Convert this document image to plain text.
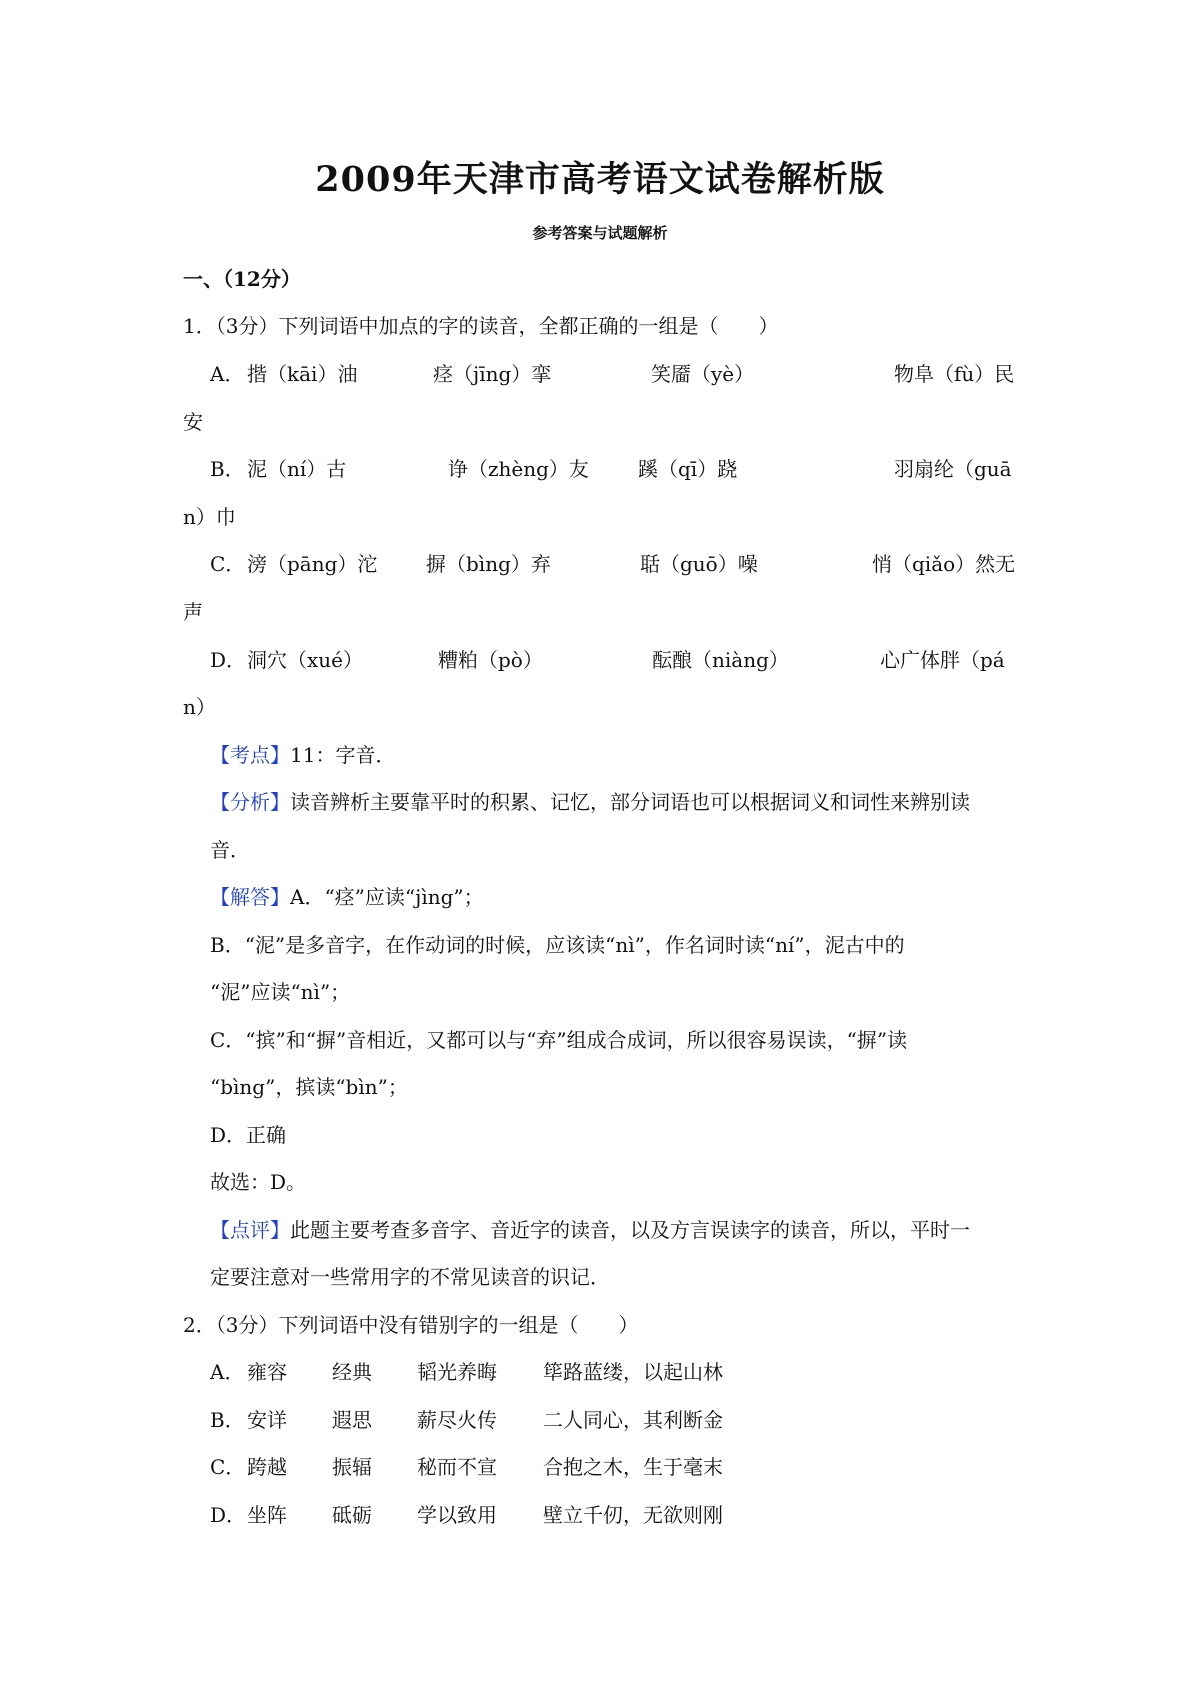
2009年天津市高考语文试卷解析版
参考答案与试题解析
一、（12分）
1．（3分）下列词语中加点的字的读音，全都正确的一组是（　　）
A． 揩（kāi）油	痉（jīng）挛	笑靥（yè）	物阜（fù）民
安
B． 泥（ní）古	诤（zhèng）友 蹊（qī）跷	羽扇纶（guā
n）巾
C． 滂（pāng）沱 摒（bìng）弃	聒（guō）噪	悄（qiǎo）然无
声
D． 洞穴（xué）	糟粕（pò）	酝酿（niàng）	心广体胖（pá
n）
【考点】11：字音．
【分析】读音辨析主要靠平时的积累、记忆，部分词语也可以根据词义和词性来辨别读
音．
【解答】A．“痉”应读“jìng”；
B．“泥”是多音字，在作动词的时候，应该读“nì”，作名词时读“ní”，泥古中的
“泥”应读“nì”；
C．“摈”和“摒”音相近，又都可以与“弃”组成合成词，所以很容易误读，“摒”读
“bìng”，摈读“bìn”；
D．正确
故选：D。
【点评】此题主要考查多音字、音近字的读音，以及方言误读字的读音，所以，平时一
定要注意对一些常用字的不常见读音的识记．
2．（3分）下列词语中没有错别字的一组是（　　）
A． 雍容 经典 韬光养晦 筚路蓝缕，以起山林
B． 安详 遐思 薪尽火传 二人同心，其利断金
C． 跨越 振辐 秘而不宣 合抱之木，生于毫末
D． 坐阵 砥砺 学以致用 壁立千仞，无欲则刚
